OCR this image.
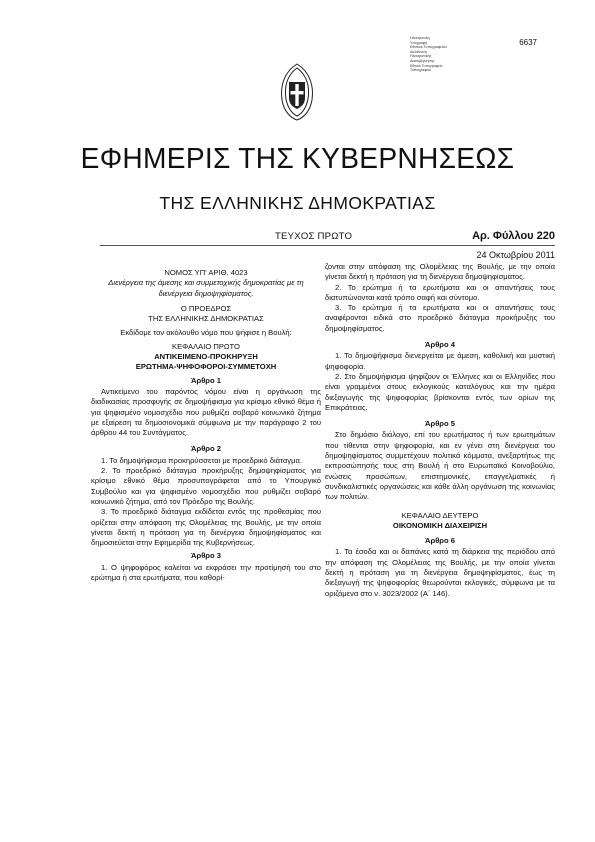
Ηλεκτρονική
Υπογραφή
Εθνικού Τυπογραφείου
Διεύθυνση
Ηλεκτρονικής
Διακυβέρνησης
Εθνικό Τυπογραφείο
Τυπογραφείο
6637
ΕΦΗΜΕΡΙΣ ΤΗΣ ΚΥΒΕΡΝΗΣΕΩΣ
ΤΗΣ ΕΛΛΗΝΙΚΗΣ ΔΗΜΟΚΡΑΤΙΑΣ
ΤΕΥΧΟΣ ΠΡΩΤΟ	Αρ. Φύλλου 220
24 Οκτωβρίου 2011
ΝΟΜΟΣ ΥΠ' ΑΡΙΘ. 4023
Διενέργεια της άμεσης και συμμετοχικής δημοκρατίας με τη διενέργεια δημοψηφίσματος.
Ο ΠΡΟΕΔΡΟΣ
ΤΗΣ ΕΛΛΗΝΙΚΗΣ ΔΗΜΟΚΡΑΤΙΑΣ
Εκδίδομε τον ακόλουθο νόμο που ψήφισε η Βουλή:
ΚΕΦΑΛΑΙΟ ΠΡΩΤΟ
ΑΝΤΙΚΕΙΜΕΝΟ-ΠΡΟΚΗΡΥΞΗ
ΕΡΩΤΗΜΑ-ΨΗΦΟΦΟΡΟΙ-ΣΥΜΜΕΤΟΧΗ
Άρθρο 1

Αντικείμενο του παρόντος νόμου είναι η οργάνωση της διαδικασίας προσφυγής σε δημοψήφισμα για κρίσιμο εθνικό θέμα ή για ψηφισμένο νομοσχέδιο που ρυθμίζει σοβαρό κοινωνικό ζήτημα με εξαίρεση τα δημοσιονομικά σύμφωνα με την παράγραφο 2 του άρθρου 44 του Συντάγματος.

Άρθρο 2

1. Το δημοψήφισμα προκηρύσσεται με προεδρικό διάταγμα.

2. Το προεδρικό διάταγμα προκήρυξης δημοψηφίσματος για κρίσιμο εθνικό θέμα προσυπογράφεται από το Υπουργικό Συμβούλιο και για ψηφισμένο νομοσχέδιο που ρυθμίζει σοβαρό κοινωνικό ζήτημα, από τον Πρόεδρο της Βουλής.

3. Το προεδρικό διάταγμα εκδίδεται εντός της προθεσμίας που ορίζεται στην απόφαση της Ολομέλειας της Βουλής, με την οποία γίνεται δεκτή η πρόταση για τη διενέργεια δημοψηφίσματος και δημοσιεύεται στην Εφημερίδα της Κυβερνήσεως.

Άρθρο 3

1. Ο ψηφοφόρος καλείται να εκφράσει την προτίμησή του στο ερώτημα ή στα ερωτήματα, που καθορί-

ζονται στην απόφαση της Ολομέλειας της Βουλής, με την οποία γίνεται δεκτή η πρόταση για τη διενέργεια δημοψηφίσματος.

2. Το ερώτημα ή τα ερωτήματα και οι απαντήσεις τους διατυπώνονται κατά τρόπο σαφή και σύντομο.

3. Το ερώτημα ή τα ερωτήματα και οι απαντήσεις τους αναφέρονται ειδικά στο προεδρικό διάταγμα προκήρυξης του δημοψηφίσματος.

Άρθρο 4

1. Το δημοψήφισμα διενεργείται με άμεση, καθολική και μυστική ψηφοφορία.

2. Στο δημοψήφισμα ψηφίζουν οι Έλληνες και οι Ελληνίδες που είναι γραμμένοι στους εκλογικούς καταλόγους και την ημέρα διεξαγωγής της ψηφοφορίας βρίσκονται εντός των ορίων της Επικράτειας.

Άρθρο 5

Στο δημόσιο διάλογο, επί του ερωτήματος ή των ερωτημάτων που τίθενται στην ψηφοφορία, και εν γένει στη διενέργεια του δημοψηφίσματος συμμετέχουν πολιτικά κόμματα, ανεξαρτήτως της εκπροσώπησής τους στη Βουλή ή στο Ευρωπαϊκό Κοινοβούλιο, ενώσεις προσώπων, επιστημονικές, επαγγελματικές ή συνδικαλιστικές οργανώσεις και κάθε άλλη οργάνωση της κοινωνίας των πολιτών.

ΚΕΦΑΛΑΙΟ ΔΕΥΤΕΡΟ
ΟΙΚΟΝΟΜΙΚΗ ΔΙΑΧΕΙΡΙΣΗ
Άρθρο 6

1. Τα έσοδα και οι δαπάνες κατά τη διάρκεια της περιόδου από την απόφαση της Ολομέλειας της Βουλής, με την οποία γίνεται δεκτή η πρόταση για τη διενέργεια δημοψηφίσματος, έως τη διεξαγωγή της ψηφοφορίας θεωρούνται εκλογικές, σύμφωνα με τα οριζόμενα στο ν. 3023/2002 (Α΄ 146).
